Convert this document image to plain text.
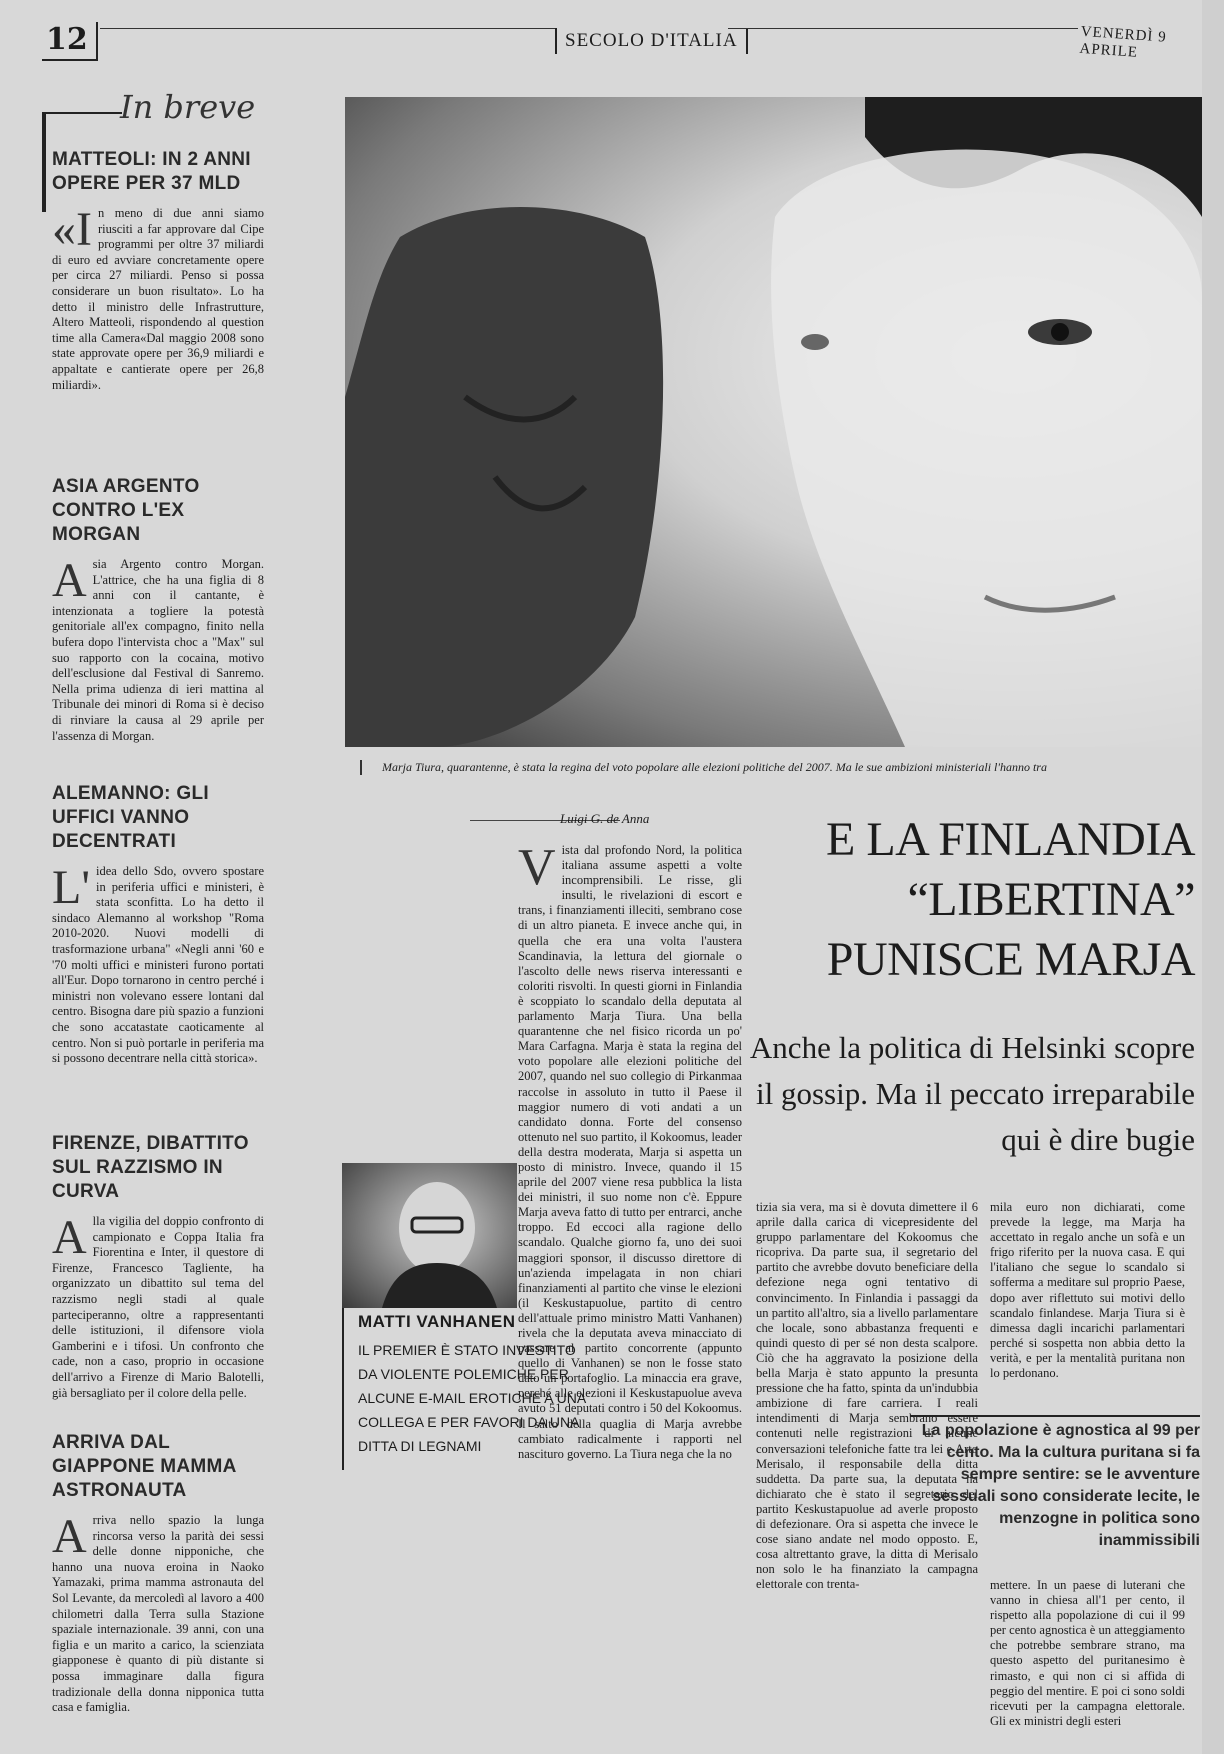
12	SECOLO D'ITALIA	VENERDÌ 9 APRILE
In breve
MATTEOLI: IN 2 ANNI OPERE PER 37 MLD

«In meno di due anni siamo riusciti a far approvare dal Cipe programmi per oltre 37 miliardi di euro ed avviare concretamente opere per circa 27 miliardi. Penso si possa considerare un buon risultato». Lo ha detto il ministro delle Infrastrutture, Altero Matteoli, rispondendo al question time alla Camera«Dal maggio 2008 sono state approvate opere per 36,9 miliardi e appaltate e cantierate opere per 26,8 miliardi».

ASIA ARGENTO CONTRO L'EX MORGAN

Asia Argento contro Morgan. L'attrice, che ha una figlia di 8 anni con il cantante, è intenzionata a togliere la potestà genitoriale all'ex compagno, finito nella bufera dopo l'intervista choc a "Max" sul suo rapporto con la cocaina, motivo dell'esclusione dal Festival di Sanremo. Nella prima udienza di ieri mattina al Tribunale dei minori di Roma si è deciso di rinviare la causa al 29 aprile per l'assenza di Morgan.

ALEMANNO: GLI UFFICI VANNO DECENTRATI

L' idea dello Sdo, ovvero spostare in periferia uffici e ministeri, è stata sconfitta. Lo ha detto il sindaco Alemanno al workshop "Roma 2010-2020. Nuovi modelli di trasformazione urbana" «Negli anni '60 e '70 molti uffici e ministeri furono portati all'Eur. Dopo tornarono in centro perché i ministri non volevano essere lontani dal centro. Bisogna dare più spazio a funzioni che sono accatastate caoticamente al centro. Non si può portarle in periferia ma si possono decentrare nella città storica».

FIRENZE, DIBATTITO SUL RAZZISMO IN CURVA

Alla vigilia del doppio confronto di campionato e Coppa Italia fra Fiorentina e Inter, il questore di Firenze, Francesco Tagliente, ha organizzato un dibattito sul tema del razzismo negli stadi al quale parteciperanno, oltre a rappresentanti delle istituzioni, il difensore viola Gamberini e i tifosi. Un confronto che cade, non a caso, proprio in occasione dell'arrivo a Firenze di Mario Balotelli, già bersagliato per il colore della pelle.

ARRIVA DAL GIAPPONE MAMMA ASTRONAUTA

Arriva nello spazio la lunga rincorsa verso la parità dei sessi delle donne nipponiche, che hanno una nuova eroina in Naoko Yamazaki, prima mamma astronauta del Sol Levante, da mercoledì al lavoro a 400 chilometri dalla Terra sulla Stazione spaziale internazionale. 39 anni, con una figlia e un marito a carico, la scienziata giapponese è quanto di più distante si possa immaginare dalla figura tradizionale della donna nipponica tutta casa e famiglia.

Marja Tiura, quarantenne, è stata la regina del voto popolare alle elezioni politiche del 2007. Ma le sue ambizioni ministeriali l'hanno tra
Luigi G. de Anna	E LA FINLANDIA
“LIBERTINA”
PUNISCE MARJA
Anche la politica di Helsinki scopre il gossip. Ma il peccato irreparabile qui è dire bugie

Vista dal profondo Nord, la politica italiana assume aspetti a volte incomprensibili. Le risse, gli insulti, le rivelazioni di escort e trans, i finanziamenti illeciti, sembrano cose di un altro pianeta. E invece anche qui, in quella che era una volta l'austera Scandinavia, la lettura del giornale o l'ascolto delle news riserva interessanti e coloriti risvolti. In questi giorni in Finlandia è scoppiato lo scandalo della deputata al parlamento Marja Tiura. Una bella quarantenne che nel fisico ricorda un po' Mara Carfagna. Marja è stata la regina del voto popolare alle elezioni politiche del 2007, quando nel suo collegio di Pirkanmaa raccolse in assoluto in tutto il Paese il maggior numero di voti andati a un candidato donna. Forte del consenso ottenuto nel suo partito, il Kokoomus, leader della destra moderata, Marja si aspetta un posto di ministro. Invece, quando il 15 aprile del 2007 viene resa pubblica la lista dei ministri, il suo nome non c'è. Eppure Marja aveva fatto di tutto per entrarci, anche troppo. Ed eccoci alla ragione dello scandalo. Qualche giorno fa, uno dei suoi maggiori sponsor, il discusso direttore di un'azienda impelagata in non chiari finanziamenti al partito che vinse le elezioni (il Keskustapuolue, partito di centro dell'attuale primo ministro Matti Vanhanen) rivela che la deputata aveva minacciato di passare al partito concorrente (appunto quello di Vanhanen) se non le fosse stato dato un portafoglio. La minaccia era grave, perché alle elezioni il Keskustapuolue aveva avuto 51 deputati contro i 50 del Kokoomus. Il salto della quaglia di Marja avrebbe cambiato radicalmente i rapporti nel nascituro governo. La Tiura nega che la no

tizia sia vera, ma si è dovuta dimettere il 6 aprile dalla carica di vicepresidente del gruppo parlamentare del Kokoomus che ricopriva. Da parte sua, il segretario del partito che avrebbe dovuto beneficiare della defezione nega ogni tentativo di convincimento. In Finlandia i passaggi da un partito all'altro, sia a livello parlamentare che locale, sono abbastanza frequenti e quindi questo di per sé non desta scalpore. Ciò che ha aggravato la posizione della bella Marja è stato appunto la presunta pressione che ha fatto, spinta da un'indubbia ambizione di fare carriera. I reali intendimenti di Marja sembrano essere contenuti nelle registrazioni di alcune conversazioni telefoniche fatte tra lei e Arto Merisalo, il responsabile della ditta suddetta. Da parte sua, la deputata ha dichiarato che è stato il segretario del partito Keskustapuolue ad averle proposto di defezionare. Ora si aspetta che invece le cose siano andate nel modo opposto. E, cosa altrettanto grave, la ditta di Merisalo non solo le ha finanziato la campagna elettorale con trenta-

mila euro non dichiarati, come prevede la legge, ma Marja ha accettato in regalo anche un sofà e un frigo riferito per la nuova casa. E qui l'italiano che segue lo scandalo si sofferma a meditare sul proprio Paese, dopo aver riflettuto sui motivi dello scandalo finlandese. Marja Tiura si è dimessa dagli incarichi parlamentari perché si sospetta non abbia detto la verità, e per la mentalità puritana non lo perdonano.

mettere. In un paese di luterani che vanno in chiesa all'1 per cento, il rispetto alla popolazione di cui il 99 per cento agnostica è un atteggiamento che potrebbe sembrare strano, ma questo aspetto del puritanesimo è rimasto, e qui non ci si affida di peggio del mentire. E poi ci sono soldi ricevuti per la campagna elettorale. Gli ex ministri degli esteri

La popolazione è agnostica al 99 per cento. Ma la cultura puritana si fa sempre sentire: se le avventure sessuali sono considerate lecite, le menzogne in politica sono inammissibili
MATTI VANHANEN
IL PREMIER È STATO INVESTITO DA VIOLENTE POLEMICHE PER ALCUNE E-MAIL EROTICHE A UNA COLLEGA E PER FAVORI DA UNA DITTA DI LEGNAMI
